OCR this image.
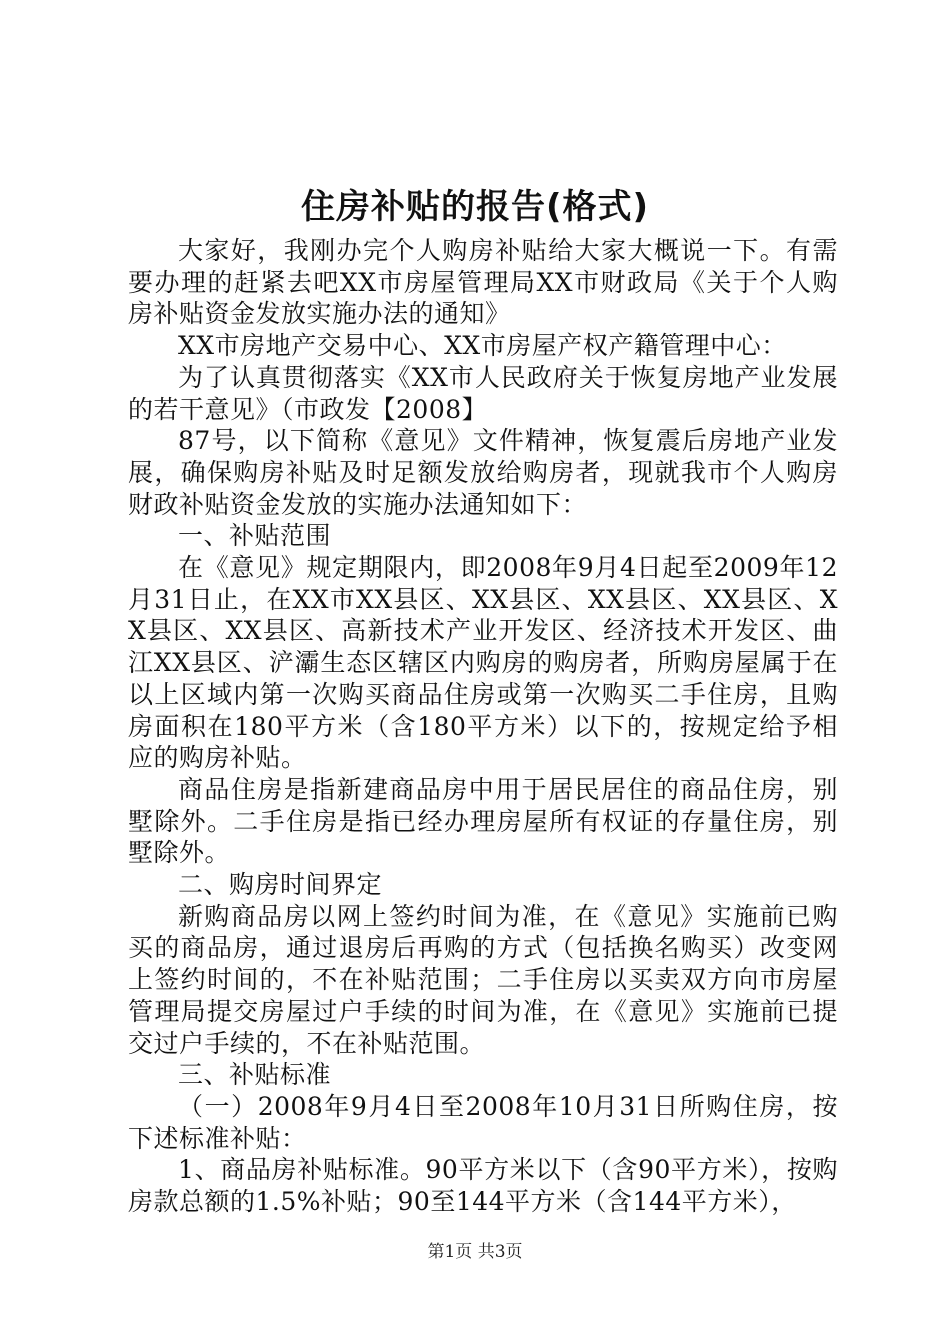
住房补贴的报告(格式)

大家好，我刚办完个人购房补贴给大家大概说一下。有需要办理的赶紧去吧XX市房屋管理局XX市财政局《关于个人购房补贴资金发放实施办法的通知》

XX市房地产交易中心、XX市房屋产权产籍管理中心：

为了认真贯彻落实《XX市人民政府关于恢复房地产业发展的若干意见》（市政发【2008】

87号，以下简称《意见》文件精神，恢复震后房地产业发展，确保购房补贴及时足额发放给购房者，现就我市个人购房财政补贴资金发放的实施办法通知如下：

一、补贴范围

在《意见》规定期限内，即2008年9月4日起至2009年12月31日止，在XX市XX县区、XX县区、XX县区、XX县区、XX县区、XX县区、高新技术产业开发区、经济技术开发区、曲江XX县区、浐灞生态区辖区内购房的购房者，所购房屋属于在以上区域内第一次购买商品住房或第一次购买二手住房，且购房面积在180平方米（含180平方米）以下的，按规定给予相应的购房补贴。

商品住房是指新建商品房中用于居民居住的商品住房，别墅除外。二手住房是指已经办理房屋所有权证的存量住房，别墅除外。

二、购房时间界定

新购商品房以网上签约时间为准，在《意见》实施前已购买的商品房，通过退房后再购的方式（包括换名购买）改变网上签约时间的，不在补贴范围；二手住房以买卖双方向市房屋管理局提交房屋过户手续的时间为准，在《意见》实施前已提交过户手续的，不在补贴范围。

三、补贴标准

（一）2008年9月4日至2008年10月31日所购住房，按下述标准补贴：

1、商品房补贴标准。90平方米以下（含90平方米），按购房款总额的1.5%补贴；90至144平方米（含144平方米），

第1页 共3页
